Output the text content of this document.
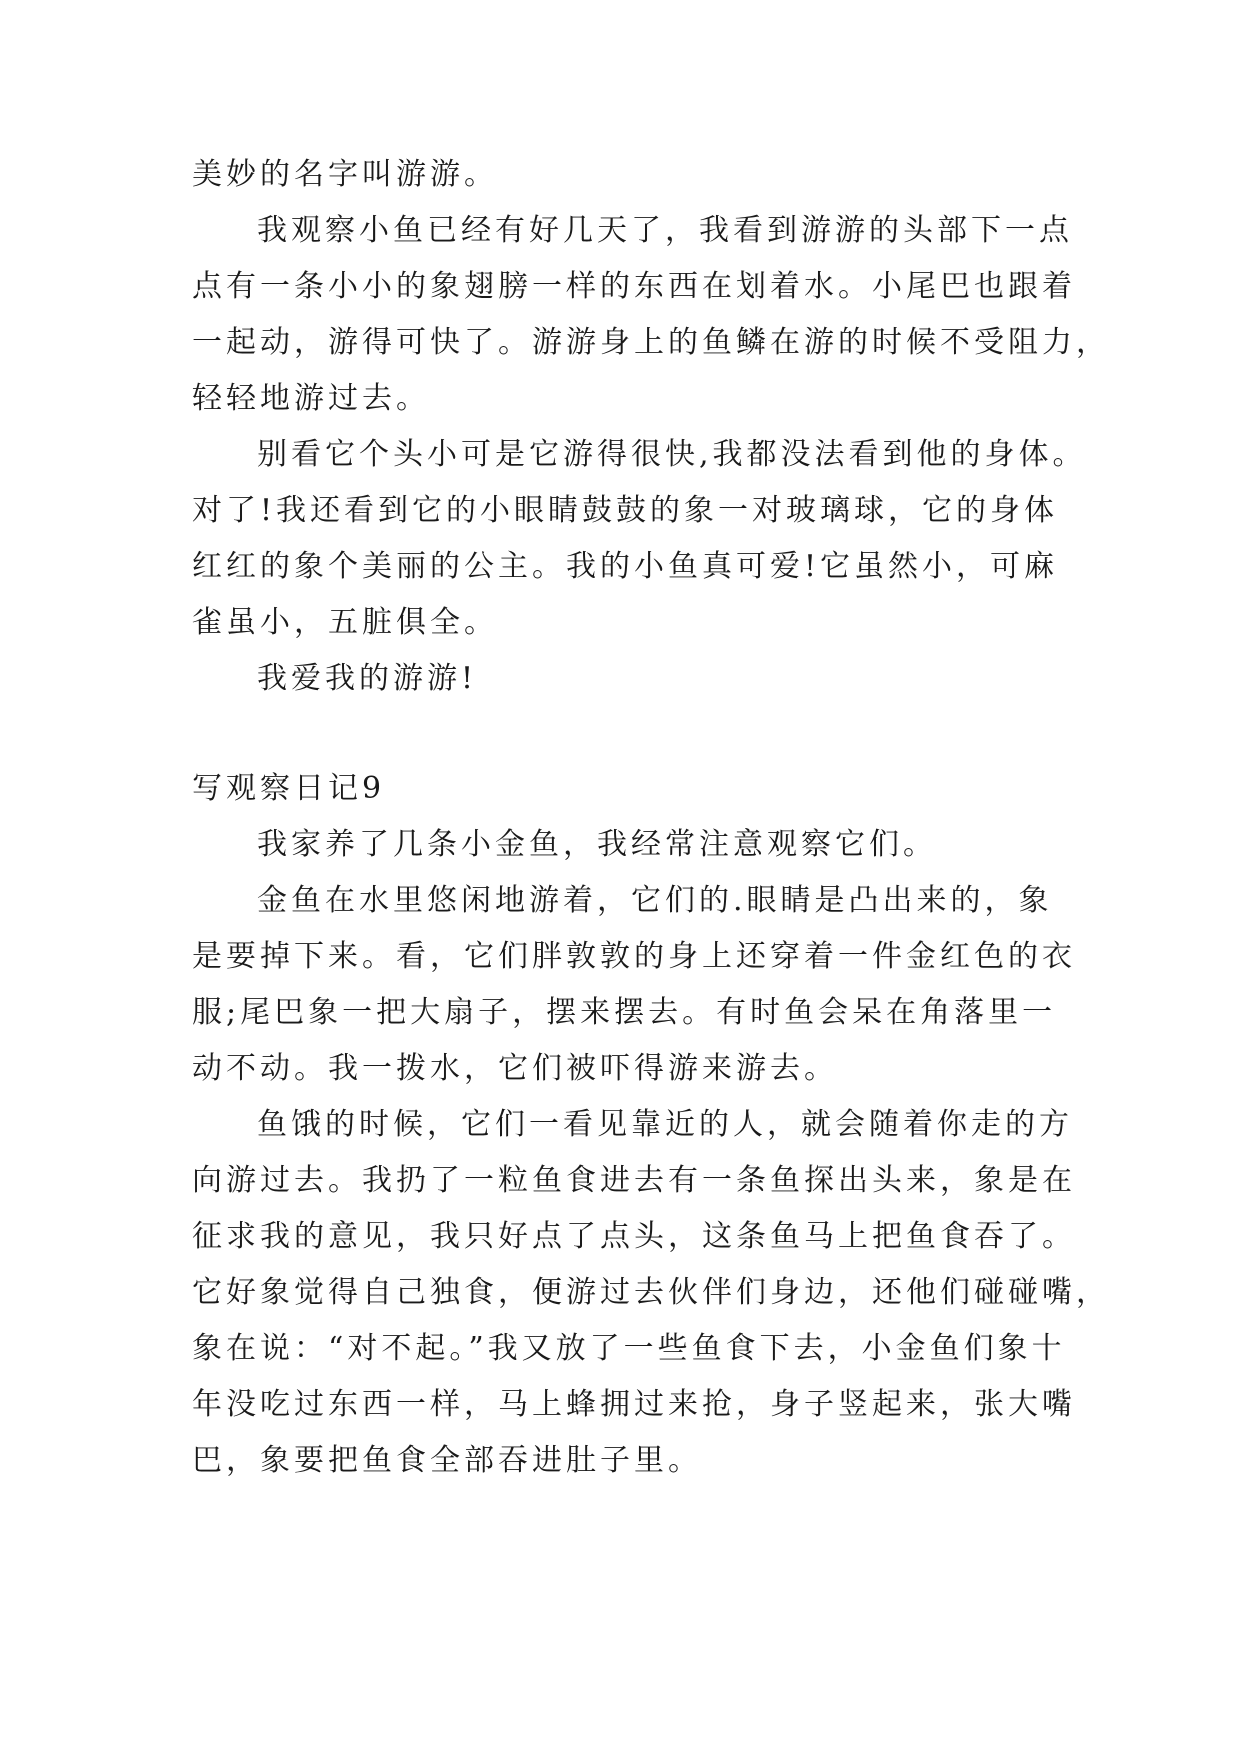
美妙的名字叫游游。

我观察小鱼已经有好几天了，我看到游游的头部下一点

点有一条小小的象翅膀一样的东西在划着水。小尾巴也跟着

一起动，游得可快了。游游身上的鱼鳞在游的时候不受阻力，

轻轻地游过去。

别看它个头小可是它游得很快,我都没法看到他的身体。

对了!我还看到它的小眼睛鼓鼓的象一对玻璃球，它的身体

红红的象个美丽的公主。我的小鱼真可爱!它虽然小，可麻

雀虽小，五脏俱全。

我爱我的游游!

写观察日记9

我家养了几条小金鱼，我经常注意观察它们。

金鱼在水里悠闲地游着，它们的.眼睛是凸出来的，象

是要掉下来。看，它们胖敦敦的身上还穿着一件金红色的衣

服;尾巴象一把大扇子，摆来摆去。有时鱼会呆在角落里一

动不动。我一拨水，它们被吓得游来游去。

鱼饿的时候，它们一看见靠近的人，就会随着你走的方

向游过去。我扔了一粒鱼食进去有一条鱼探出头来，象是在

征求我的意见，我只好点了点头，这条鱼马上把鱼食吞了。

它好象觉得自己独食，便游过去伙伴们身边，还他们碰碰嘴，

象在说：“对不起。”我又放了一些鱼食下去，小金鱼们象十

年没吃过东西一样，马上蜂拥过来抢，身子竖起来，张大嘴

巴，象要把鱼食全部吞进肚子里。
